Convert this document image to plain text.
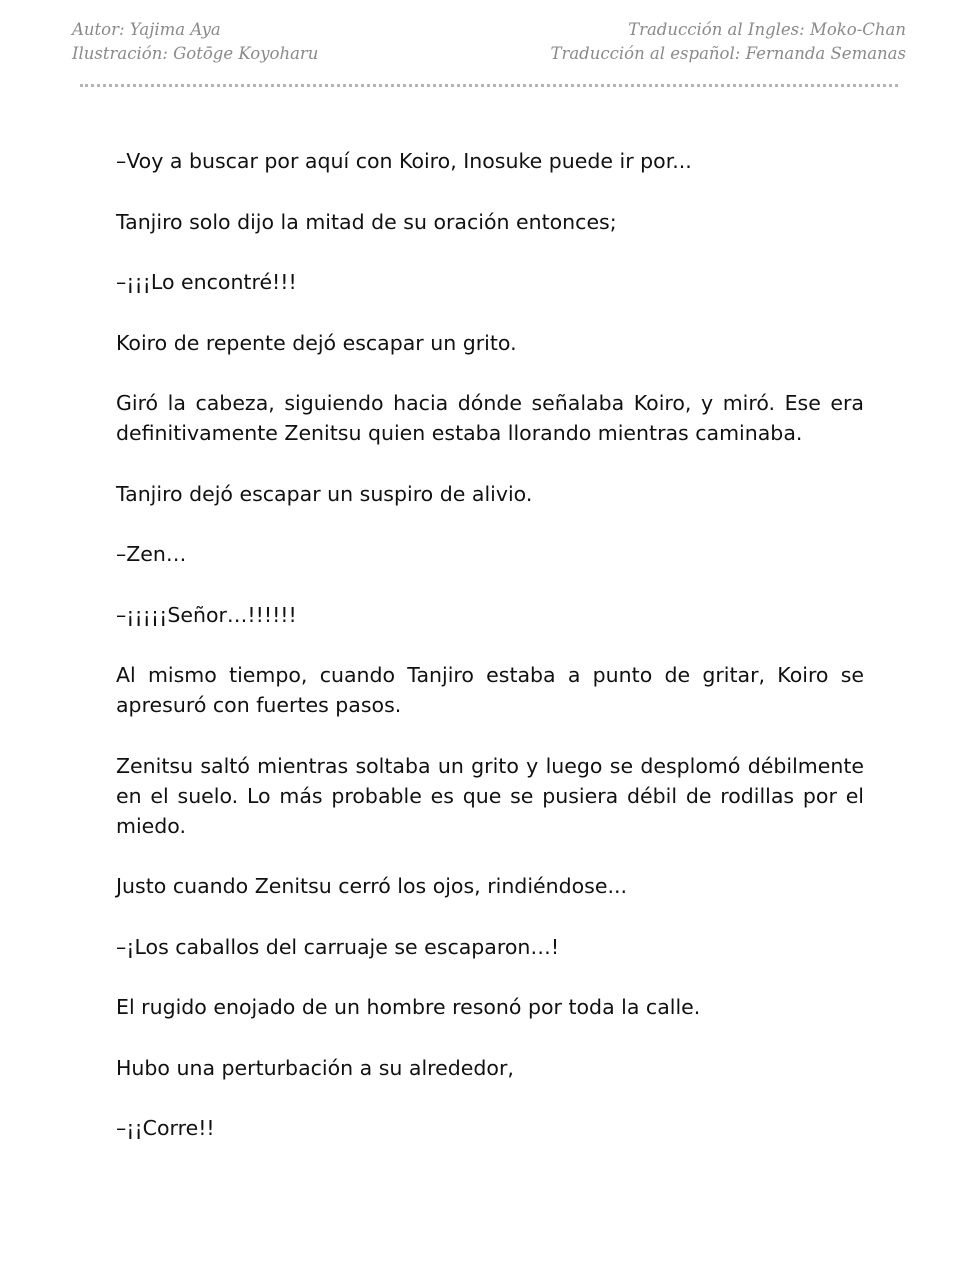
Autor: Yajima Aya
Ilustración: Gotōge Koyoharu
Traducción al Ingles: Moko-Chan
Traducción al español: Fernanda Semanas

–Voy a buscar por aquí con Koiro, Inosuke puede ir por...

Tanjiro solo dijo la mitad de su oración entonces;

–¡¡¡Lo encontré!!!

Koiro de repente dejó escapar un grito.

Giró la cabeza, siguiendo hacia dónde señalaba Koiro, y miró. Ese era definitivamente Zenitsu quien estaba llorando mientras caminaba.

Tanjiro dejó escapar un suspiro de alivio.

–Zen…

–¡¡¡¡¡Señor…!!!!!!

Al mismo tiempo, cuando Tanjiro estaba a punto de gritar, Koiro se apresuró con fuertes pasos.

Zenitsu saltó mientras soltaba un grito y luego se desplomó débilmente en el suelo. Lo más probable es que se pusiera débil de rodillas por el miedo.

Justo cuando Zenitsu cerró los ojos, rindiéndose...

–¡Los caballos del carruaje se escaparon…!

El rugido enojado de un hombre resonó por toda la calle.

Hubo una perturbación a su alrededor,

–¡¡Corre!!
